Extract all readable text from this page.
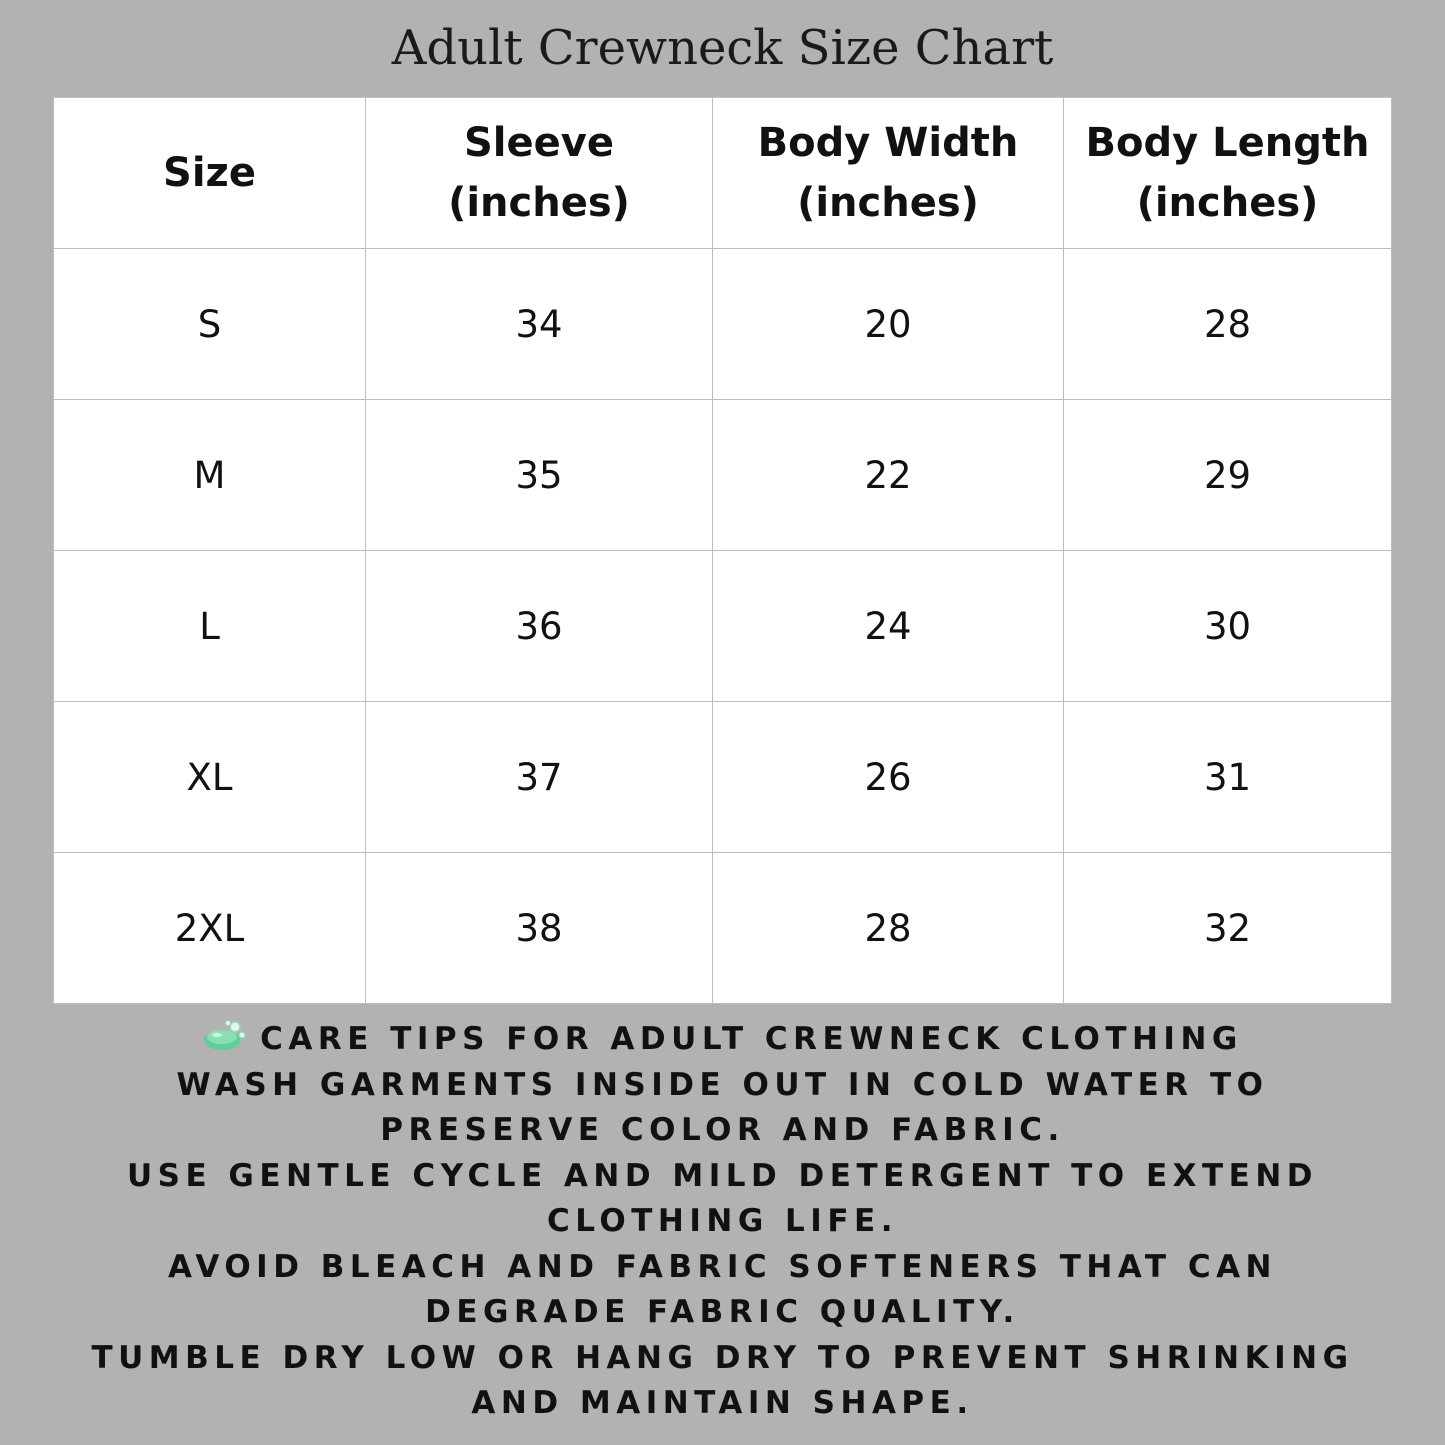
Adult Crewneck Size Chart
Size	Sleeve (inches)	Body Width (inches)	Body Length (inches)
S	34	20	28
M	35	22	29
L	36	24	30
XL	37	26	31
2XL	38	28	32
CARE TIPS FOR ADULT CREWNECK CLOTHING
WASH GARMENTS INSIDE OUT IN COLD WATER TO PRESERVE COLOR AND FABRIC.
USE GENTLE CYCLE AND MILD DETERGENT TO EXTEND CLOTHING LIFE.
AVOID BLEACH AND FABRIC SOFTENERS THAT CAN DEGRADE FABRIC QUALITY.
TUMBLE DRY LOW OR HANG DRY TO PREVENT SHRINKING AND MAINTAIN SHAPE.
